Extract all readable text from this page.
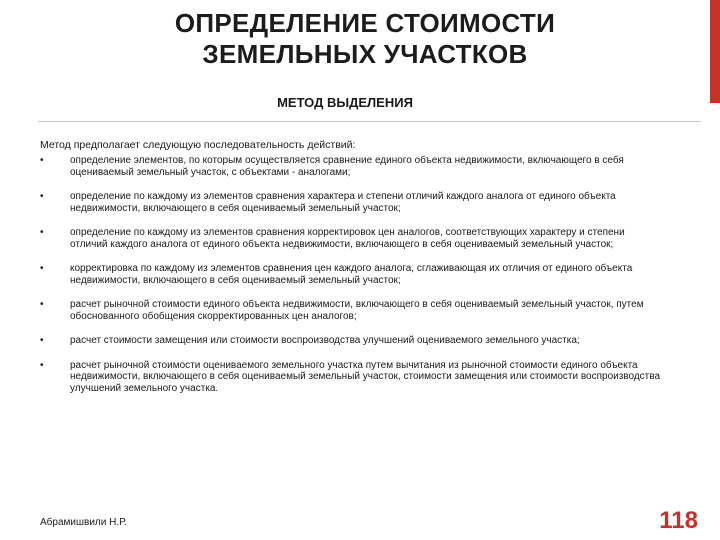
ОПРЕДЕЛЕНИЕ СТОИМОСТИ
ЗЕМЕЛЬНЫХ УЧАСТКОВ
МЕТОД ВЫДЕЛЕНИЯ
Метод предполагает следующую последовательность действий:
•	определение элементов, по которым осуществляется сравнение единого объекта недвижимости, включающего в себя оцениваемый земельный участок, с объектами - аналогами;
•	определение по каждому из элементов сравнения характера и степени отличий каждого аналога от единого объекта недвижимости, включающего в себя оцениваемый земельный участок;
•	определение по каждому из элементов сравнения корректировок цен аналогов, соответствующих характеру и степени отличий каждого аналога от единого объекта недвижимости, включающего в себя оцениваемый земельный участок;
•	корректировка по каждому из элементов сравнения цен каждого аналога, сглаживающая их отличия от единого объекта недвижимости, включающего в себя оцениваемый земельный участок;
•	расчет рыночной стоимости единого объекта недвижимости, включающего в себя оцениваемый земельный участок, путем обоснованного обобщения скорректированных цен аналогов;
•	расчет стоимости замещения или стоимости воспроизводства улучшений оцениваемого земельного участка;
•	расчет рыночной стоимости оцениваемого земельного участка путем вычитания из рыночной стоимости единого объекта недвижимости, включающего в себя оцениваемый земельный участок, стоимости замещения или стоимости воспроизводства улучшений земельного участка.
Абрамишвили Н.Р.	118
